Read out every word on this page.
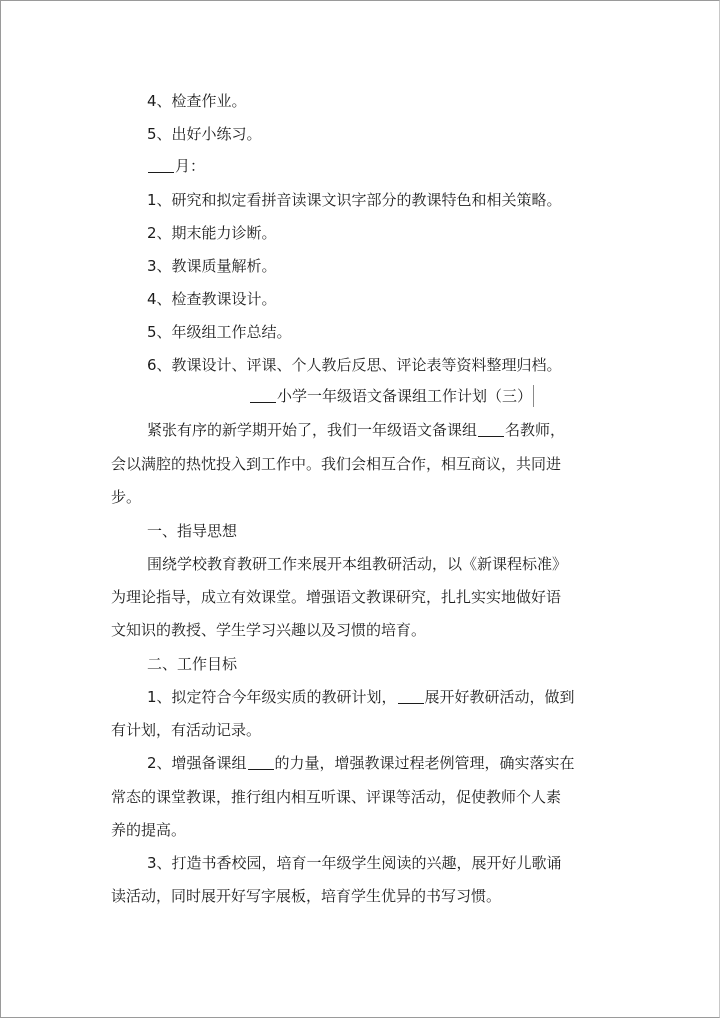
4、检查作业。
5、出好小练习。
月：
1、研究和拟定看拼音读课文识字部分的教课特色和相关策略。
2、期末能力诊断。
3、教课质量解析。
4、检查教课设计。
5、年级组工作总结。
6、教课设计、评课、个人教后反思、评论表等资料整理归档。
小学一年级语文备课组工作计划（三）
紧张有序的新学期开始了，我们一年级语文备课组 名教师，
会以满腔的热忱投入到工作中。我们会相互合作，相互商议，共同进
步。
一、指导思想
围绕学校教育教研工作来展开本组教研活动，以《新课程标准》
为理论指导，成立有效课堂。增强语文教课研究，扎扎实实地做好语
文知识的教授、学生学习兴趣以及习惯的培育。
二、工作目标
1、拟定符合今年级实质的教研计划， 展开好教研活动，做到
有计划，有活动记录。
2、增强备课组 的力量，增强教课过程老例管理，确实落实在
常态的课堂教课，推行组内相互听课、评课等活动，促使教师个人素
养的提高。
3、打造书香校园，培育一年级学生阅读的兴趣，展开好儿歌诵
读活动，同时展开好写字展板，培育学生优异的书写习惯。
